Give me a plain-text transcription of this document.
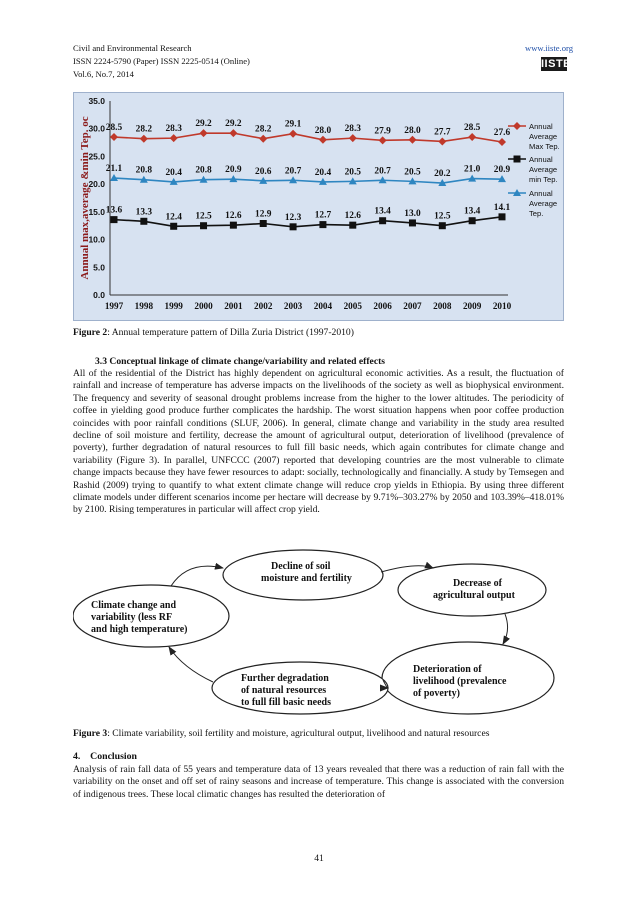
Civil and Environmental Research	www.iiste.org
ISSN 2224-5790 (Paper) ISSN 2225-0514 (Online)
Vol.6, No.7, 2014
IISTE
0.0
5.0
10.0
15.0
20.0
25.0
30.0
35.0
1997 1998 1999 2000 2001 2002 2003 2004 2005 2006 2007 2008 2009 2010
Annual max,average &min Tep. oc 28.5 28.2 28.3 29.2 29.2
28.2 29.1
28.0 28.3 27.9 28.0 27.7 28.5 27.6
13.6 13.3 12.4 12.5 12.6 12.9 12.3 12.7 12.6 13.4 13.0 12.5 13.4 14.1
21.1 20.8 20.4 20.8 20.9 20.6 20.7 20.4 20.5 20.7 20.5 20.2 21.0 20.9
Annual
Average
Max Tep.
Annual
Average
min Tep.
Annual
Average
Tep.
Figure 2: Annual temperature pattern of Dilla Zuria District (1997-2010)
3.3 Conceptual linkage of climate change/variability and related effects
All of the residential of the District has highly dependent on agricultural economic activities. As a result, the fluctuation of rainfall and increase of temperature has adverse impacts on the livelihoods of the society as well as biophysical environment. The frequency and severity of seasonal drought problems increase from the higher to the lower altitudes. The periodicity of coffee in yielding good produce further complicates the hardship. The worst situation happens when poor coffee production coincides with poor rainfall conditions (SLUF, 2006). In general, climate change and variability in the study area resulted decline of soil moisture and fertility, decrease the amount of agricultural output, deterioration of livelihood (prevalence of poverty), further degradation of natural resources to full fill basic needs, which again contributes for climate change and variability (Figure 3). In parallel, UNFCCC (2007) reported that developing countries are the most vulnerable to climate change impacts because they have fewer resources to adapt: socially, technologically and financially. A study by Temsegen and Rashid (2009) trying to quantify to what extent climate change will reduce crop yields in Ethiopia. By using three different climate models under different scenarios income per hectare will decrease by 9.71%–303.27% by 2050 and 103.39%–418.01% by 2100. Rising temperatures in particular will affect crop yield.
Decline of soil
moisture and fertility	Decrease of
agricultural output
Deterioration of
livelihood (prevalence
of poverty)
Further degradation
of natural resources
to full fill basic needs
Climate change and
variability (less RF
and high temperature)
Figure 3: Climate variability, soil fertility and moisture, agricultural output, livelihood and natural resources
4. Conclusion
Analysis of rain fall data of 55 years and temperature data of 13 years revealed that there was a reduction of rain fall with the variability on the onset and off set of rainy seasons and increase of temperature. This change is associated with the conversion of indigenous trees. These local climatic changes has resulted the deterioration of
41
